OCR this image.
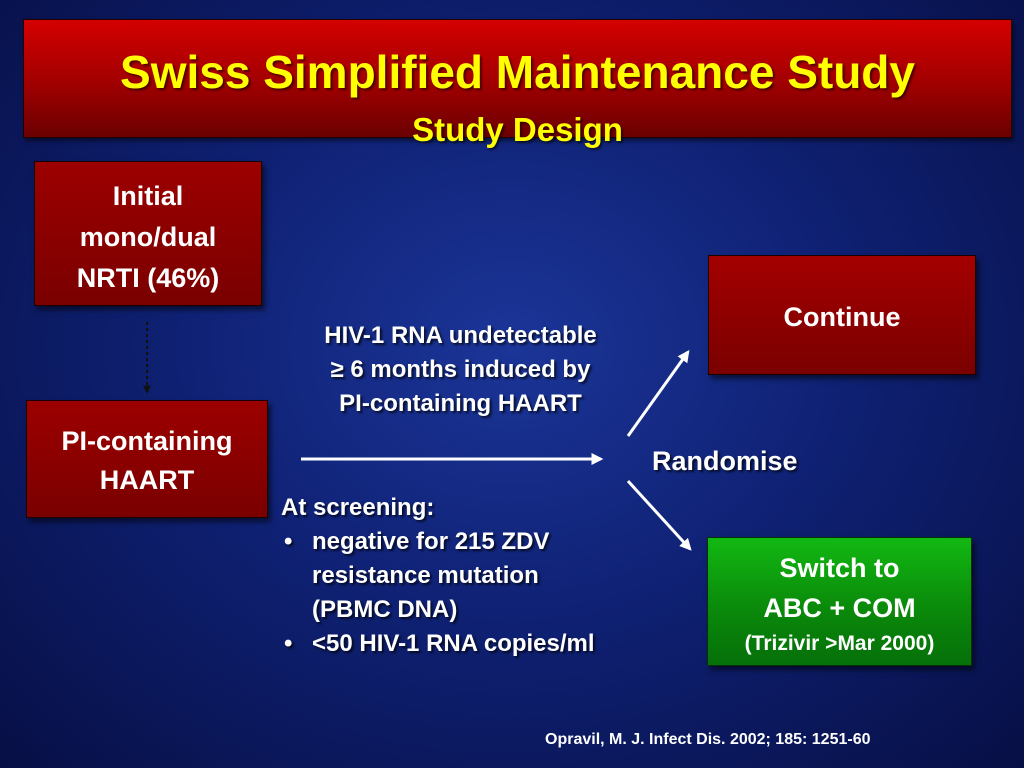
Swiss Simplified Maintenance Study
Study Design
Initial
mono/dual
NRTI (46%)
PI-containing
HAART
Continue
Switch to
ABC + COM
(Trizivir >Mar 2000)
HIV-1 RNA undetectable
≥ 6 months induced by
PI-containing HAART
Randomise
At screening:
• negative for 215 ZDV
resistance mutation
(PBMC DNA)
• <50 HIV-1 RNA copies/ml
Opravil, M. J. Infect Dis. 2002; 185: 1251-60
